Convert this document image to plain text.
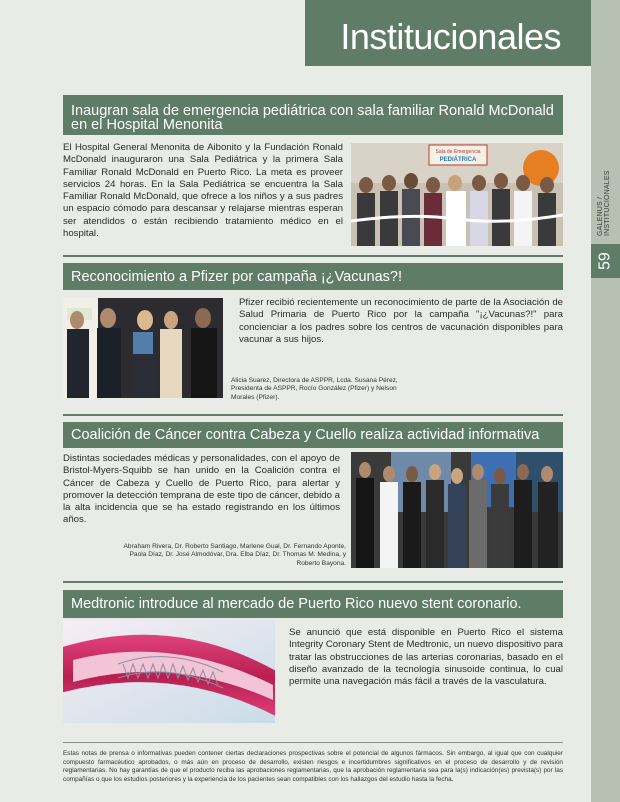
Institucionales
GALENUS / INSTITUCIONALES
59
Inaugran sala de emergencia pediátrica con sala familiar Ronald McDonald en el Hospital Menonita

El Hospital General Menonita de Aibonito y la Fundación Ronald McDonald inauguraron una Sala Pediátrica y la primera Sala Familiar Ronald McDonald en Puerto Rico. La meta es proveer servicios 24 horas. En la Sala Pediátrica se encuentra la Sala Familiar Ronald McDonald, que ofrece a los niños y a sus padres un espacio cómodo para descansar y relajarse mientras esperan ser atendidos o están recibiendo tratamiento médico en el hospital.

Sala de Emergencia
PEDIÁTRICA
Reconocimiento a Pfizer por campaña ¡¿Vacunas?!

Pfizer recibió recientemente un reconocimiento de parte de la Asociación de Salud Primaria de Puerto Rico por la campaña "¡¿Vacunas?!" para concienciar a los padres sobre los centros de vacunación disponibles para vacunar a sus hijos.

Alicia Suarez, Directora de ASPPR, Lcda. Susana Pérez, Presidenta de ASPPR, Rocío González (Pfizer) y Nelson Morales (Pfizer).

Coalición de Cáncer contra Cabeza y Cuello realiza actividad informativa

Distintas sociedades médicas y personalidades, con el apoyo de Bristol-Myers-Squibb se han unido en la Coalición contra el Cáncer de Cabeza y Cuello de Puerto Rico, para alertar y promover la detección temprana de este tipo de cáncer, debido a la alta incidencia que se ha estado registrando en los últimos años.

Abraham Rivera, Dr. Roberto Santiago, Marlene Gual, Dr. Fernando Aponte, Paola Díaz, Dr. José Almodóvar, Dra. Elba Díaz, Dr. Thomas M. Medina, y Roberto Bayona.

Medtronic introduce al mercado de Puerto Rico nuevo stent coronario.

Se anunció que está disponible en Puerto Rico el sistema Integrity Coronary Stent de Medtronic, un nuevo dispositivo para tratar las obstrucciones de las arterias coronarias, basado en el diseño avanzado de la tecnología sinusoide continua, lo cual permite una navegación más fácil a través de la vasculatura.

Estas notas de prensa o informativas pueden contener ciertas declaraciones prospectivas sobre el potencial de algunos fármacos. Sin embargo, al igual que con cualquier compuesto farmacéutico aprobados, o más aún en proceso de desarrollo, existen riesgos e incertidumbres significativos en el proceso de desarrollo y de revisión reglamentarias. No hay garantías de que el producto reciba las aprobaciones reglamentarias, que la aprobación reglamentaria sea para la(s) indicación(es) prevista(s) por las compañías o que los estudios posteriores y la experiencia de los pacientes sean compatibles con los hallazgos del estudio hasta la fecha.
